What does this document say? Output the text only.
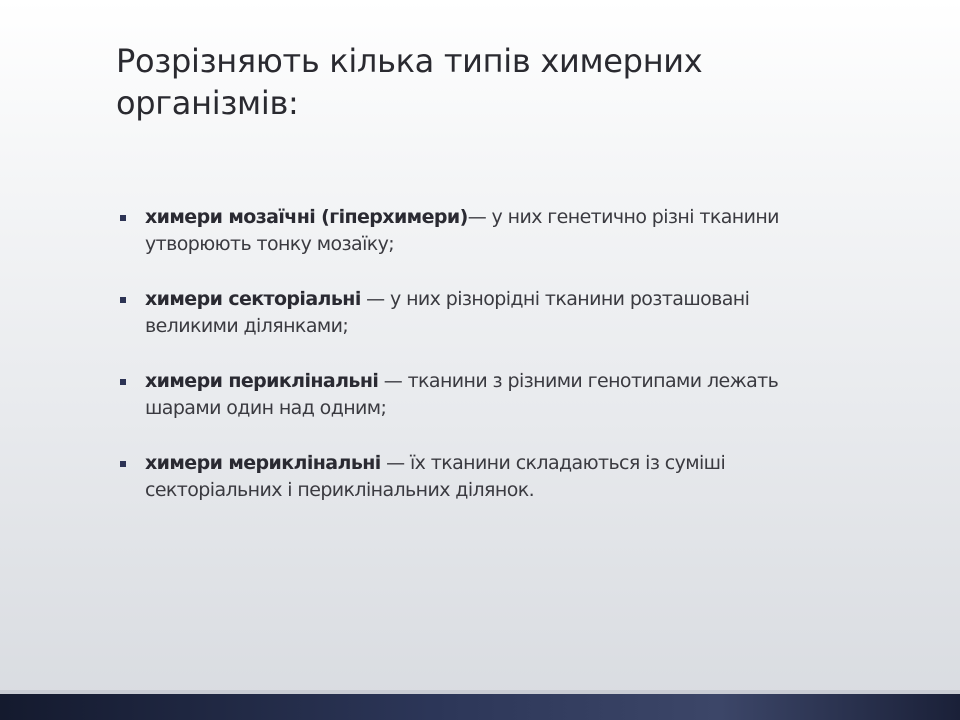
Розрізняють кілька типів химерних організмів:
химери мозаїчні (гіперхимери)— у них генетично різні тканини утворюють тонку мозаїку;
химери секторіальні — у них різнорідні тканини розташовані великими ділянками;
химери периклінальні — тканини з різними генотипами лежать шарами один над одним;
химери мериклінальні — їх тканини складаються із суміші секторіальних і периклінальних ділянок.
